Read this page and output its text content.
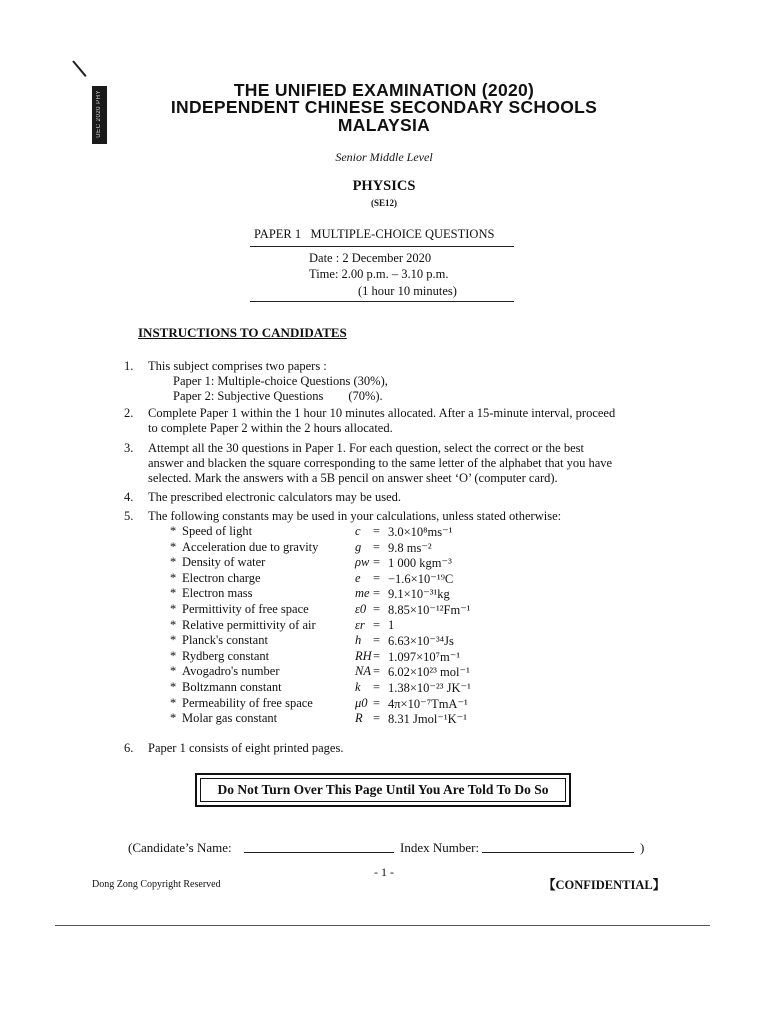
UEC 2020 PHY	THE UNIFIED EXAMINATION (2020)
INDEPENDENT CHINESE SECONDARY SCHOOLS
MALAYSIA
Senior Middle Level
PHYSICS
(SE12)
PAPER 1   MULTIPLE-CHOICE QUESTIONS
Date : 2 December 2020
Time: 2.00 p.m. – 3.10 p.m.
(1 hour 10 minutes)
INSTRUCTIONS TO CANDIDATES
1.	This subject comprises two papers :
Paper 1: Multiple-choice Questions (30%),
Paper 2: Subjective Questions        (70%).
2.	Complete Paper 1 within the 1 hour 10 minutes allocated. After a 15-minute interval, proceed
to complete Paper 2 within the 2 hours allocated.
3.	Attempt all the 30 questions in Paper 1. For each question, select the correct or the best
answer and blacken the square corresponding to the same letter of the alphabet that you have
selected. Mark the answers with a 5B pencil on answer sheet ‘O’ (computer card).
4.	The prescribed electronic calculators may be used.
5.	The following constants may be used in your calculations, unless stated otherwise:
* Speed of light	c = 3.0×10⁸ms⁻¹
* Acceleration due to gravity	g = 9.8 ms⁻²
* Density of water	ρw = 1 000 kgm⁻³
* Electron charge	e = −1.6×10⁻¹⁹C
* Electron mass	me = 9.1×10⁻³¹kg
* Permittivity of free space	ε0 = 8.85×10⁻¹²Fm⁻¹
* Relative permittivity of air	εr = 1
* Planck's constant	h = 6.63×10⁻³⁴Js
* Rydberg constant	RH = 1.097×10⁷m⁻¹
* Avogadro's number	NA = 6.02×10²³ mol⁻¹
* Boltzmann constant	k = 1.38×10⁻²³ JK⁻¹
* Permeability of free space	μ0 = 4π×10⁻⁷TmA⁻¹
* Molar gas constant	R = 8.31 Jmol⁻¹K⁻¹
6.	Paper 1 consists of eight printed pages.
Do Not Turn Over This Page Until You Are Told To Do So
(Candidate’s Name:	Index Number:	)
- 1 -
Dong Zong Copyright Reserved	【CONFIDENTIAL】
